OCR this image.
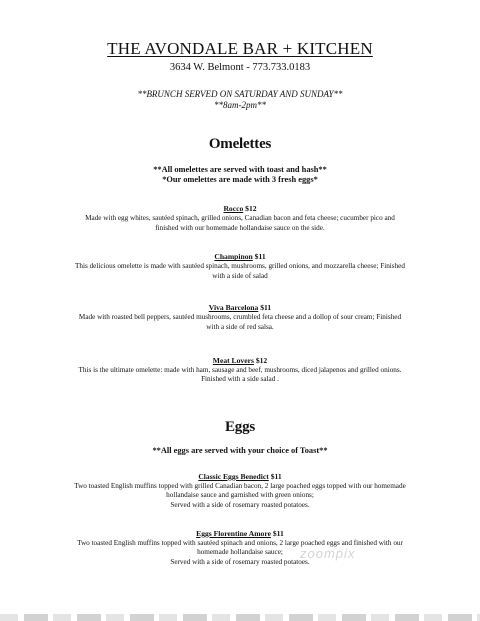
THE AVONDALE BAR + KITCHEN
3634 W. Belmont - 773.733.0183
**BRUNCH SERVED ON SATURDAY AND SUNDAY**
**8am-2pm**
Omelettes
**All omelettes are served with toast and hash**
*Our omelettes are made with 3 fresh eggs*
Rocco $12

Made with egg whites, sautéed spinach, grilled onions, Canadian bacon and feta cheese; cucumber pico and

finished with our homemade hollandaise sauce on the side.

Champinon $11

This delicious omelette is made with sautéed spinach, mushrooms, grilled onions, and mozzarella cheese; Finished

with a side of salad

Viva Barcelona $11

Made with roasted bell peppers, sautéed mushrooms, crumbled feta cheese and a dollop of sour cream; Finished

with a side of red salsa.

Meat Lovers $12

This is the ultimate omelette: made with ham, sausage and beef, mushrooms, diced jalapenos and grilled onions.

Finished with a side salad .

Eggs
**All eggs are served with your choice of Toast**
Classic Eggs Benedict $11

Two toasted English muffins topped with grilled Canadian bacon, 2 large poached eggs topped with our homemade

hollandaise sauce and garnished with green onions;

Served with a side of rosemary roasted potatoes.

Eggs Florentine Amore $11

Two toasted English muffins topped with sautéed spinach and onions, 2 large poached eggs and finished with our

homemade hollandaise sauce;

Served with a side of rosemary roasted potatoes.

zoompix
